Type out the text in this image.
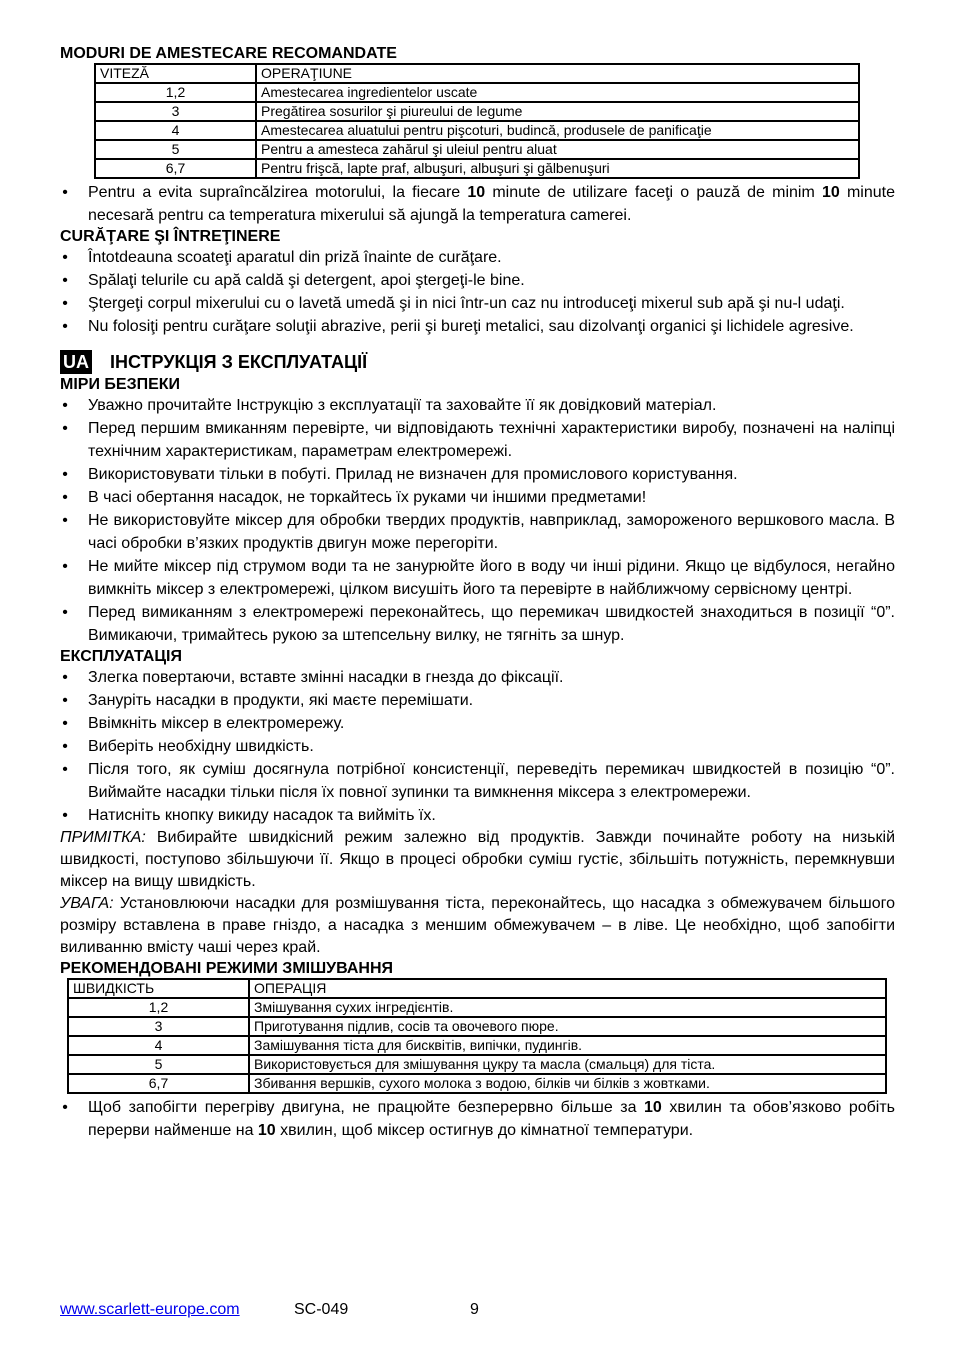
MODURI DE AMESTECARE RECOMANDATE
VITEZĂ	OPERAŢIUNE
1,2	Amestecarea ingredientelor uscate
3	Pregătirea sosurilor şi piureului de legume
4	Amestecarea aluatului pentru pişcoturi, budincă, produsele de panificaţie
5	Pentru a amesteca zahărul şi uleiul pentru aluat
6,7	Pentru frişcă, lapte praf, albuşuri, albuşuri şi gălbenuşuri
• Pentru a evita supraîncălzirea motorului, la fiecare 10 minute de utilizare faceţi o pauză de minim 10 minute necesară pentru ca temperatura mixerului să ajungă la temperatura camerei.
CURĂŢARE ŞI ÎNTREŢINERE
• Întotdeauna scoateţi aparatul din priză înainte de curăţare.
• Spălaţi telurile cu apă caldă şi detergent, apoi ştergeţi-le bine.
• Ştergeţi corpul mixerului cu o lavetă umedă şi in nici într-un caz nu introduceţi mixerul sub apă şi nu-l udaţi.
• Nu folosiţi pentru curăţare soluţii abrazive, perii şi bureţi metalici, sau dizolvanţi organici şi lichidele agresive.
UA ІНСТРУКЦІЯ З ЕКСПЛУАТАЦІЇ
МІРИ БЕЗПЕКИ
• Уважно прочитайте Інструкцію з експлуатації та заховайте її як довідковий матеріал.
• Перед першим вмиканням перевірте, чи відповідають технічні характеристики виробу, позначені на наліпці технічним характеристикам, параметрам електромережі.
• Використовувати тільки в побуті. Прилад не визначен для промислового користування.
• В часі обертання насадок, не торкайтесь їх руками чи іншими предметами!
• Не використовуйте міксер для обробки твердих продуктів, навприклад, замороженого вершкового масла. В часі обробки в’язких продуктів двигун може перегоріти.
• Не мийте міксер під струмом води та не занурюйте його в воду чи інші рідини. Якщо це відбулося, негайно вимкніть міксер з електромережі, цілком висушіть його та перевірте в найближчому сервісному центрі.
• Перед вимиканням з електромережі переконайтесь, що перемикач швидкостей знаходиться в позиції “0”. Вимикаючи, тримайтесь рукою за штепсельну вилку, не тягніть за шнур.
ЕКСПЛУАТАЦІЯ
• Злегка повертаючи, вставте змінні насадки в гнезда до фіксації.
• Зануріть насадки в продукти, які маєте перемішати.
• Ввімкніть міксер в електромережу.
• Виберіть необхідну швидкість.
• Після того, як суміш досягнула потрібної консистенції, переведіть перемикач швидкостей в позицію “0”. Виймайте насадки тільки після їх повної зупинки та вимкнення міксера з електромережи.
• Натисніть кнопку викиду насадок та вийміть їх.

ПРИМІТКА: Вибирайте швидкісний режим залежно від продуктів. Завжди починайте роботу на низькій швидкості, поступово збільшуючи її. Якщо в процесі обробки суміш густіє, збільшіть потужність, перемкнувши міксер на вищу швидкість.

УВАГА: Установлюючи насадки для розмішування тіста, переконайтесь, що насадка з обмежувачем більшого розміру вставлена в праве гніздо, а насадка з меншим обмежувачем – в ліве. Це необхідно, щоб запобігти виливанню вмісту чаші через край.

РЕКОМЕНДОВАНІ РЕЖИМИ ЗМІШУВАННЯ
ШВИДКІСТЬ	ОПЕРАЦІЯ
1,2	Змішування сухих інгредієнтів.
3	Приготування підлив, сосів та овочевого пюре.
4	Замішування тіста для бисквітів, випічки, пудингів.
5	Використовується для змішування цукру та масла (смальця) для тіста.
6,7	Збивання вершків, сухого молока з водою, білків чи білків з жовтками.
• Щоб запобігти перегріву двигуна, не працюйте безперервно більше за 10 хвилин та обов’язково робіть перерви найменше на 10 хвилин, щоб міксер остигнув до кімнатної температури.
www.scarlett-europe.com	SC-049	9
